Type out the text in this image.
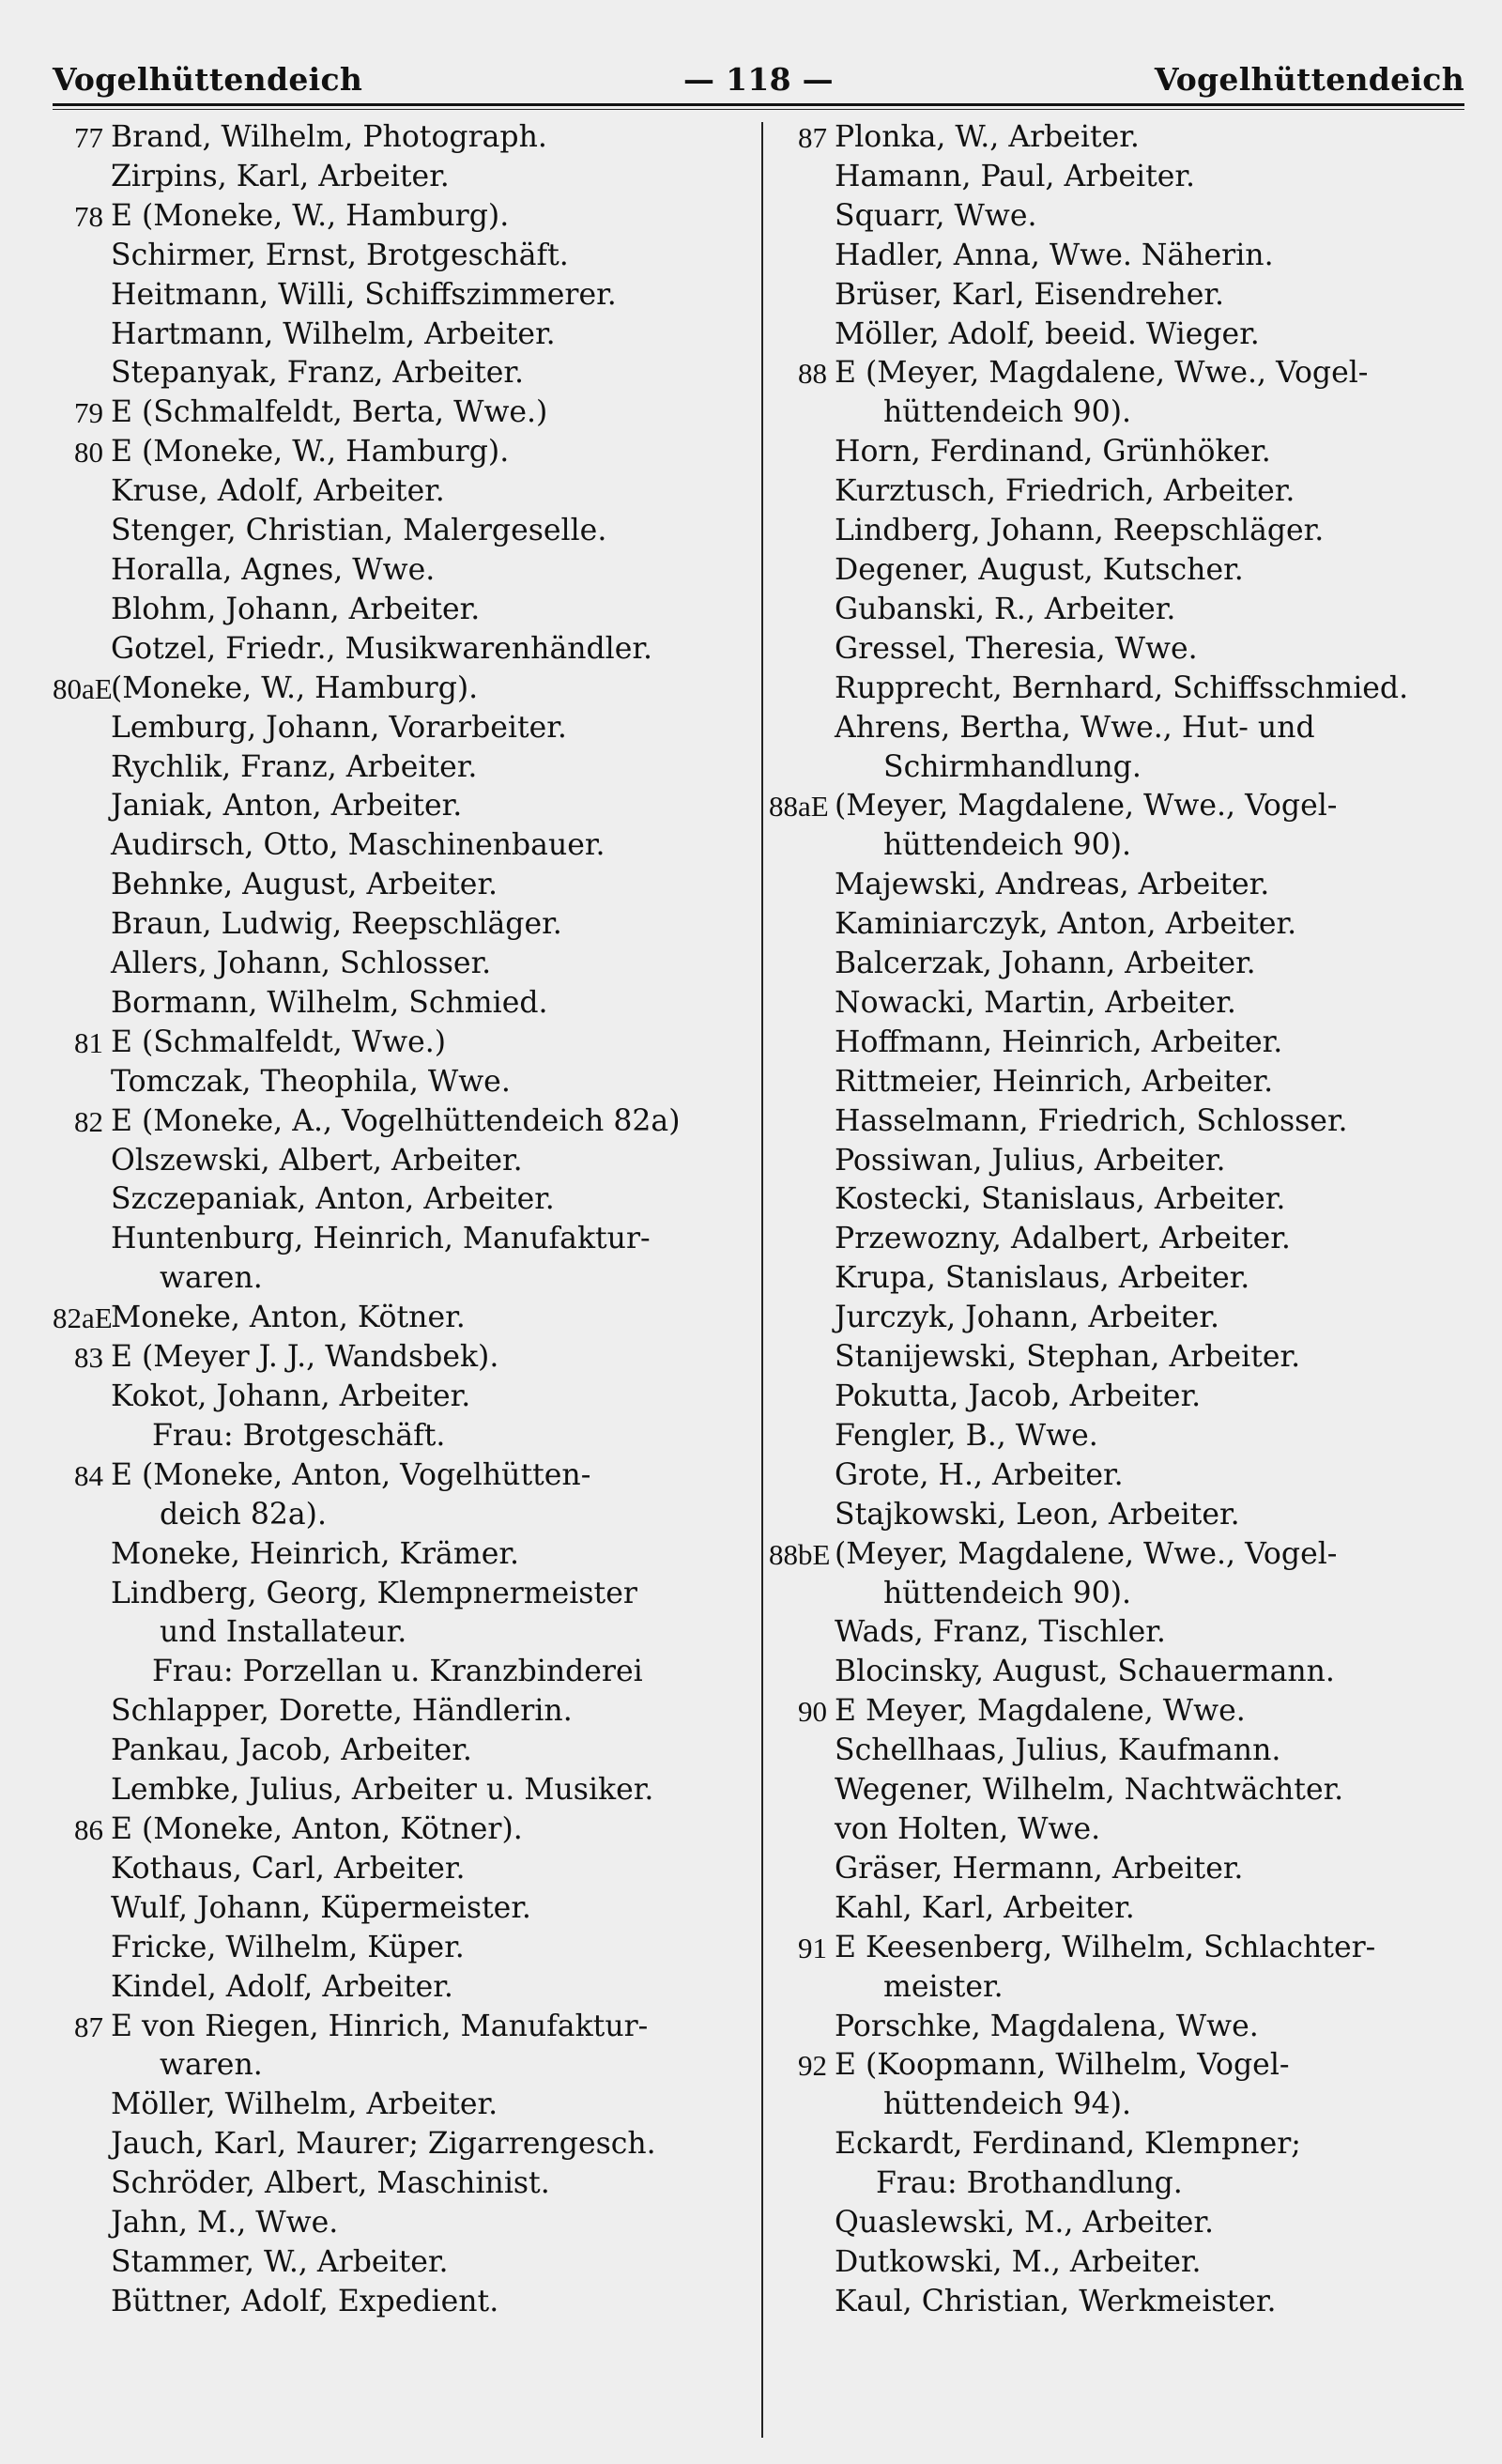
Vogelhüttendeich	— 118 —	Vogelhüttendeich
77 Brand, Wilhelm, Photograph.
Zirpins, Karl, Arbeiter.
78 E (Moneke, W., Hamburg).
Schirmer, Ernst, Brotgeschäft.
Heitmann, Willi, Schiffszimmerer.
Hartmann, Wilhelm, Arbeiter.
Stepanyak, Franz, Arbeiter.
79 E (Schmalfeldt, Berta, Wwe.)
80 E (Moneke, W., Hamburg).
Kruse, Adolf, Arbeiter.
Stenger, Christian, Malergeselle.
Horalla, Agnes, Wwe.
Blohm, Johann, Arbeiter.
Gotzel, Friedr., Musikwarenhändler.
80aE
(Moneke, W., Hamburg).
Lemburg, Johann, Vorarbeiter.
Rychlik, Franz, Arbeiter.
Janiak, Anton, Arbeiter.
Audirsch, Otto, Maschinenbauer.
Behnke, August, Arbeiter.
Braun, Ludwig, Reepschläger.
Allers, Johann, Schlosser.
Bormann, Wilhelm, Schmied.
81 E (Schmalfeldt, Wwe.)
Tomczak, Theophila, Wwe.
82 E (Moneke, A., Vogelhüttendeich 82a)
Olszewski, Albert, Arbeiter.
Szczepaniak, Anton, Arbeiter.
Huntenburg, Heinrich, Manufaktur-
waren.
82aE
Moneke, Anton, Kötner.
83 E (Meyer J. J., Wandsbek).
Kokot, Johann, Arbeiter.
Frau: Brotgeschäft.
84 E (Moneke, Anton, Vogelhütten-
deich 82a).
Moneke, Heinrich, Krämer.
Lindberg, Georg, Klempnermeister
und Installateur.
Frau: Porzellan u. Kranzbinderei
Schlapper, Dorette, Händlerin.
Pankau, Jacob, Arbeiter.
Lembke, Julius, Arbeiter u. Musiker.
86 E (Moneke, Anton, Kötner).
Kothaus, Carl, Arbeiter.
Wulf, Johann, Küpermeister.
Fricke, Wilhelm, Küper.
Kindel, Adolf, Arbeiter.
87 E von Riegen, Hinrich, Manufaktur-
waren.
Möller, Wilhelm, Arbeiter.
Jauch, Karl, Maurer; Zigarrengesch.
Schröder, Albert, Maschinist.
Jahn, M., Wwe.
Stammer, W., Arbeiter.
Büttner, Adolf, Expedient.
87 Plonka, W., Arbeiter.
Hamann, Paul, Arbeiter.
Squarr, Wwe.
Hadler, Anna, Wwe. Näherin.
Brüser, Karl, Eisendreher.
Möller, Adolf, beeid. Wieger.
88 E (Meyer, Magdalene, Wwe., Vogel-
hüttendeich 90).
Horn, Ferdinand, Grünhöker.
Kurztusch, Friedrich, Arbeiter.
Lindberg, Johann, Reepschläger.
Degener, August, Kutscher.
Gubanski, R., Arbeiter.
Gressel, Theresia, Wwe.
Rupprecht, Bernhard, Schiffsschmied.
Ahrens, Bertha, Wwe., Hut- und
Schirmhandlung.
88aE (Meyer, Magdalene, Wwe., Vogel-
hüttendeich 90).
Majewski, Andreas, Arbeiter.
Kaminiarczyk, Anton, Arbeiter.
Balcerzak, Johann, Arbeiter.
Nowacki, Martin, Arbeiter.
Hoffmann, Heinrich, Arbeiter.
Rittmeier, Heinrich, Arbeiter.
Hasselmann, Friedrich, Schlosser.
Possiwan, Julius, Arbeiter.
Kostecki, Stanislaus, Arbeiter.
Przewozny, Adalbert, Arbeiter.
Krupa, Stanislaus, Arbeiter.
Jurczyk, Johann, Arbeiter.
Stanijewski, Stephan, Arbeiter.
Pokutta, Jacob, Arbeiter.
Fengler, B., Wwe.
Grote, H., Arbeiter.
Stajkowski, Leon, Arbeiter.
88bE (Meyer, Magdalene, Wwe., Vogel-
hüttendeich 90).
Wads, Franz, Tischler.
Blocinsky, August, Schauermann.
90 E Meyer, Magdalene, Wwe.
Schellhaas, Julius, Kaufmann.
Wegener, Wilhelm, Nachtwächter.
von Holten, Wwe.
Gräser, Hermann, Arbeiter.
Kahl, Karl, Arbeiter.
91 E Keesenberg, Wilhelm, Schlachter-
meister.
Porschke, Magdalena, Wwe.
92 E (Koopmann, Wilhelm, Vogel-
hüttendeich 94).
Eckardt, Ferdinand, Klempner;
Frau: Brothandlung.
Quaslewski, M., Arbeiter.
Dutkowski, M., Arbeiter.
Kaul, Christian, Werkmeister.
